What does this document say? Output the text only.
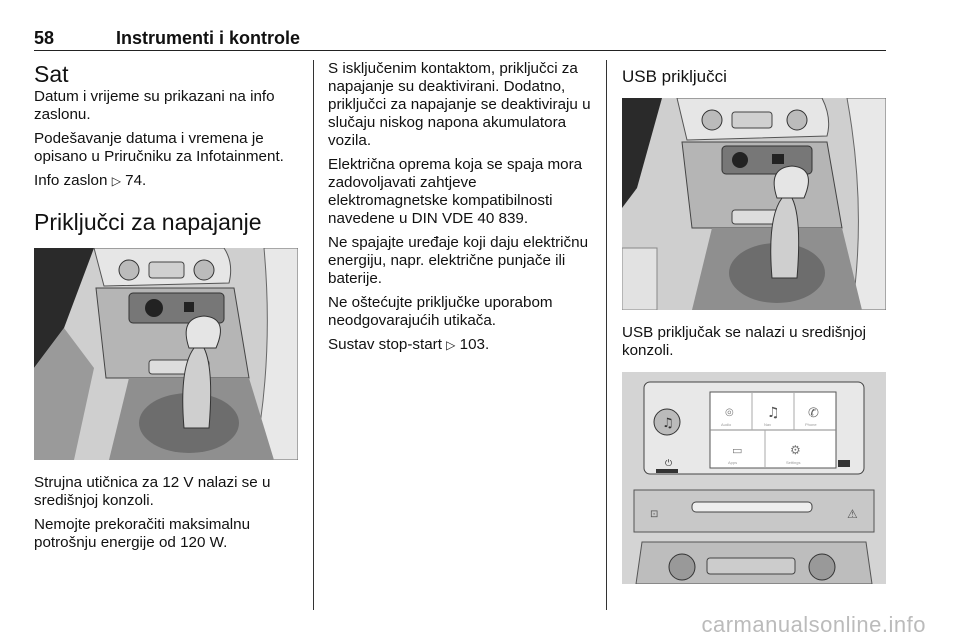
58	Instrumenti i kontrole
Sat

Datum i vrijeme su prikazani na info zaslonu.

Podešavanje datuma i vremena je opisano u Priručniku za Infotainment.

Info zaslon ▷ 74.

Priključci za napajanje

Strujna utičnica za 12 V nalazi se u središnjoj konzoli.

Nemojte prekoračiti maksimalnu potrošnju energije od 120 W.

S isključenim kontaktom, priključci za napajanje su deaktivirani. Dodatno, priključci za napajanje se deaktiviraju u slučaju niskog napona akumulatora vozila.

Električna oprema koja se spaja mora zadovoljavati zahtjeve elektromagnetske kompatibilnosti navedene u DIN VDE 40 839.

Ne spajajte uređaje koji daju električnu energiju, napr. električne punjače ili baterije.

Ne oštećujte priključke uporabom neodgovarajućih utikača.

Sustav stop-start ▷ 103.

USB priključci

USB priključak se nalazi u središnjoj konzoli.

♫
◎ ♫ ✆
▭	⚙
Audio	Nav	Phone
Apps	Settings
⏻
⊡	⚠
carmanualsonline.info
